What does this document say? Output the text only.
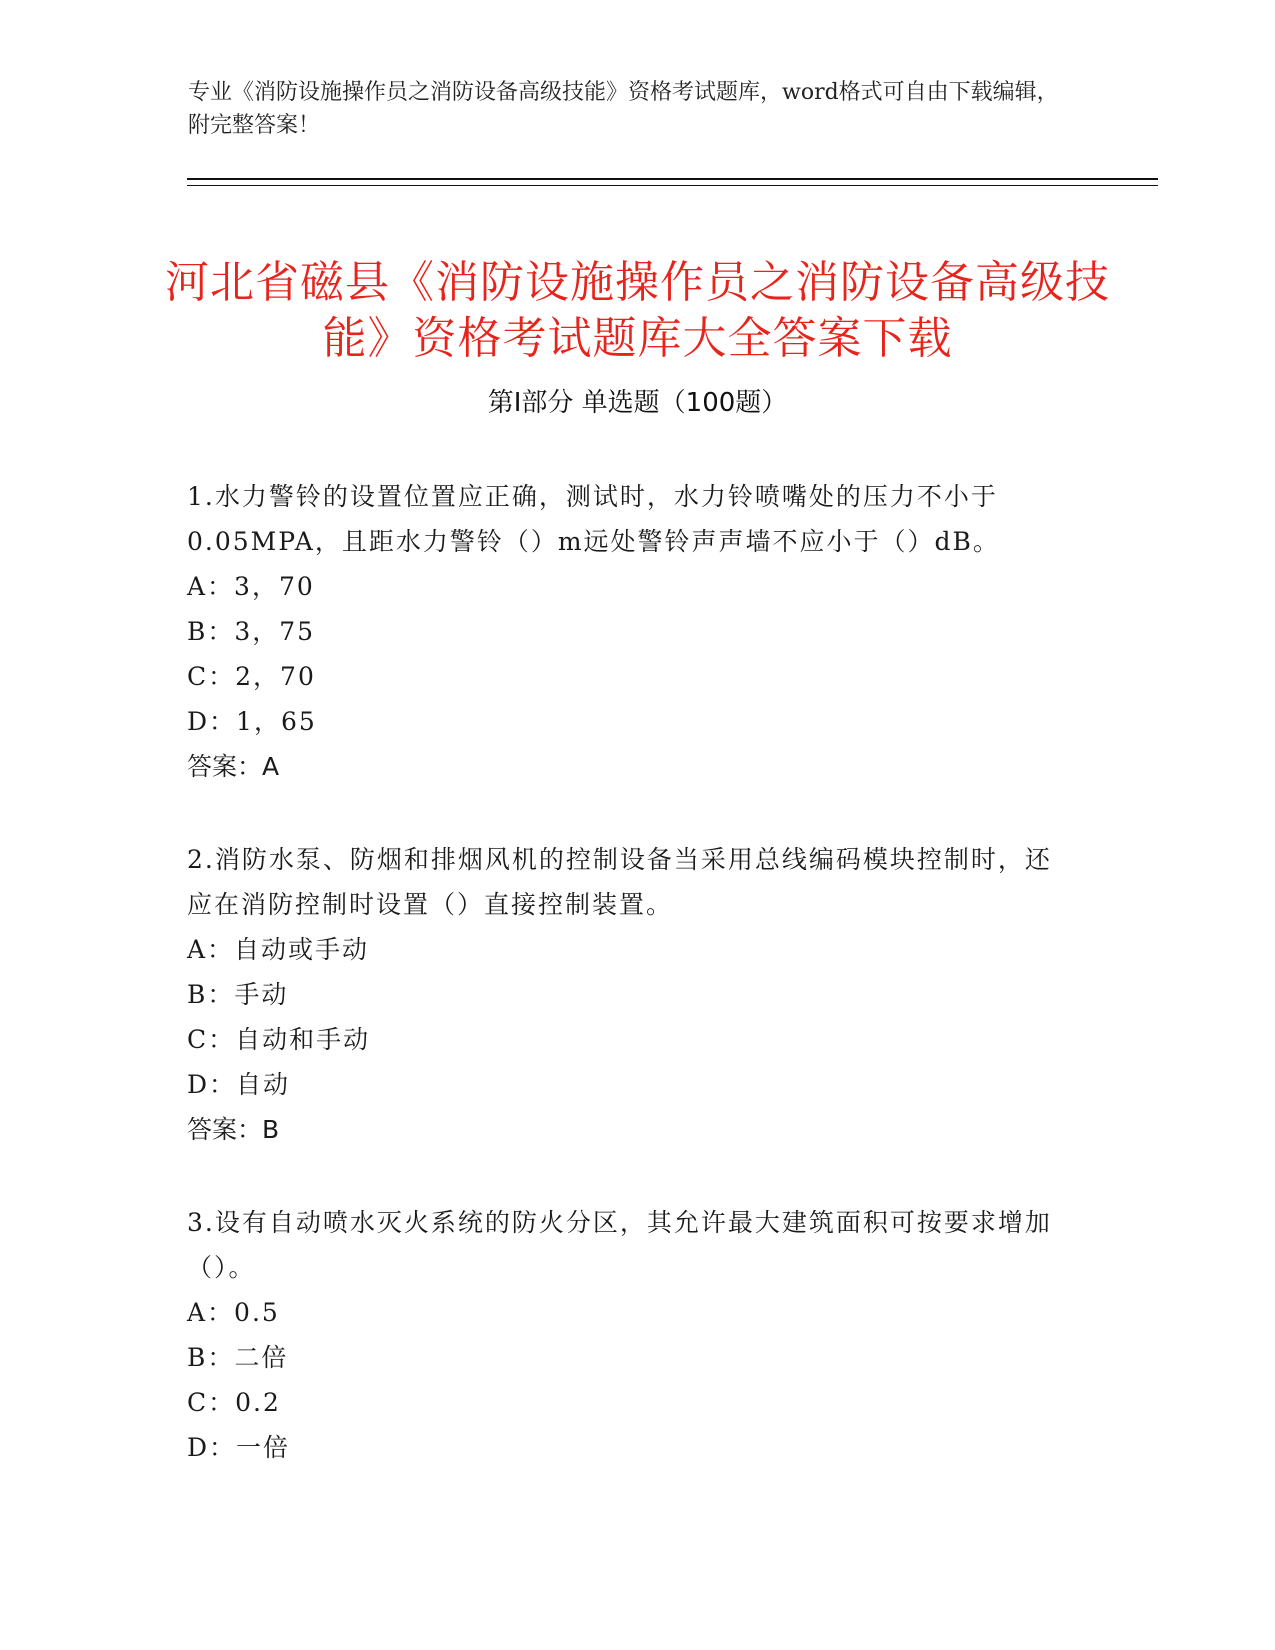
专业《消防设施操作员之消防设备高级技能》资格考试题库，word格式可自由下载编辑，附完整答案！
河北省磁县《消防设施操作员之消防设备高级技能》资格考试题库大全答案下载
第Ⅰ部分 单选题（100题）

1.水力警铃的设置位置应正确，测试时，水力铃喷嘴处的压力不小于0.05MPA，且距水力警铃（）m远处警铃声声墙不应小于（）dB。

A：3，70

B：3，75

C：2，70

D：1，65

答案：A

2.消防水泵、防烟和排烟风机的控制设备当采用总线编码模块控制时，还应在消防控制时设置（）直接控制装置。

A：自动或手动

B：手动

C：自动和手动

D：自动

答案：B

3.设有自动喷水灭火系统的防火分区，其允许最大建筑面积可按要求增加（）。

A：0.5

B：二倍

C：0.2

D：一倍
